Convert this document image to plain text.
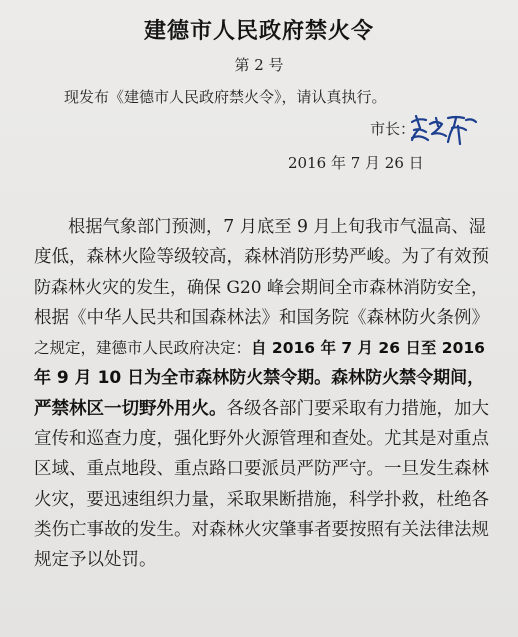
建德市人民政府禁火令
第 2 号
现发布《建德市人民政府禁火令》，请认真执行。
市长：
2016 年 7 月 26 日
根据气象部门预测，7 月底至 9 月上旬我市气温高、湿
度低，森林火险等级较高，森林消防形势严峻。为了有效预
防森林火灾的发生，确保 G20 峰会期间全市森林消防安全，
根据《中华人民共和国森林法》和国务院《森林防火条例》
之规定，建德市人民政府决定：自 2016 年 7 月 26 日至 2016
年 9 月 10 日为全市森林防火禁令期。森林防火禁令期间，
严禁林区一切野外用火。各级各部门要采取有力措施，加大
宣传和巡查力度，强化野外火源管理和查处。尤其是对重点
区域、重点地段、重点路口要派员严防严守。一旦发生森林
火灾，要迅速组织力量，采取果断措施，科学扑救，杜绝各
类伤亡事故的发生。对森林火灾肇事者要按照有关法律法规
规定予以处罚。
